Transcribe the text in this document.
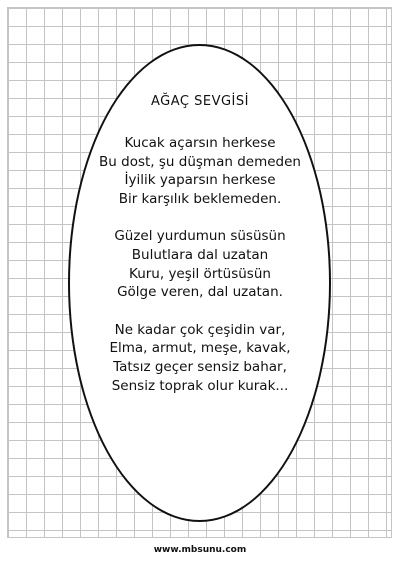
AĞAÇ SEVGİSİ
Kucak açarsın herkese
Bu dost, şu düşman demeden
İyilik yaparsın herkese
Bir karşılık beklemeden.
Güzel yurdumun süsüsün
Bulutlara dal uzatan
Kuru, yeşil örtüsüsün
Gölge veren, dal uzatan.
Ne kadar çok çeşidin var,
Elma, armut, meşe, kavak,
Tatsız geçer sensiz bahar,
Sensiz toprak olur kurak...
www.mbsunu.com
